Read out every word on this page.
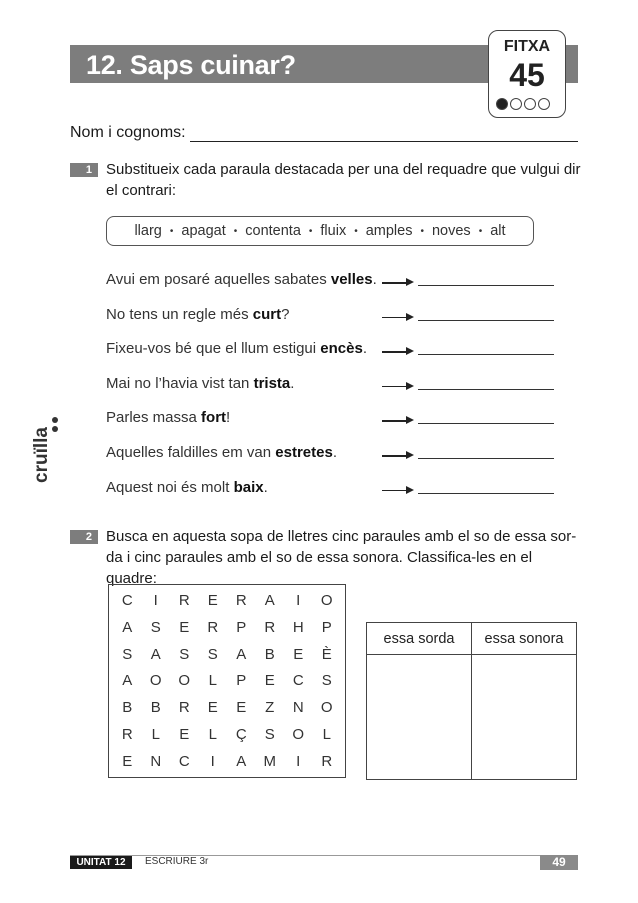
12. Saps cuinar?
FITXA
45
Nom i cognoms:
1 Substitueix cada paraula destacada per una del requadre que vulgui dir
el contrari:
llarg • apagat • contenta • fluix • amples • noves • alt
Avui em posaré aquelles sabates velles.
No tens un regle més curt?
Fixeu-vos bé que el llum estigui encès.
Mai no l’havia vist tan trista.
Parles massa fort!
Aquelles faldilles em van estretes.
Aquest noi és molt baix.
cruïlla
2 Busca en aquesta sopa de lletres cinc paraules amb el so de essa sor-
da i cinc paraules amb el so de essa sonora. Classifica-les en el quadre:
C	I	R	E	R	A	I	O
A	S	E	R	P	R	H	P
S	A	S	S	A	B	E	È
A	O	O	L	P	E	C	S
B	B	R	E	E	Z	N	O
R	L	E	L	Ç	S	O	L
E	N	C	I	A	M	I	R
essa sorda	essa sonora

UNITAT 12	ESCRIURE 3r	49
